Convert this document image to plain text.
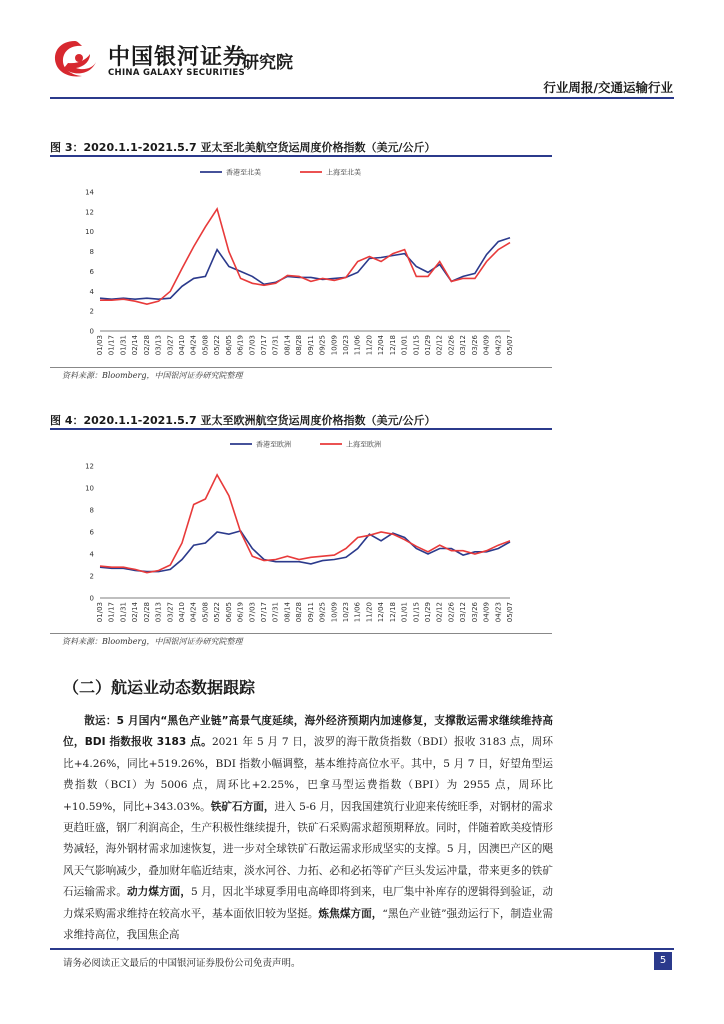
中国银河证券
CHINA GALAXY SECURITIES
研究院
行业周报/交通运输行业
图 3：2020.1.1-2021.5.7 亚太至北美航空货运周度价格指数（美元/公斤）
0
2
4
6
8
10
12
14
01/03 01/17 01/31 02/14 02/28 03/13 03/27 04/10 04/24 05/08 05/22 06/05 06/19 07/03 07/17 07/31 08/14 08/28 09/11 09/25 10/09 10/23 11/06 11/20 12/04 12/18 01/01 01/15 01/29 02/12 02/26 03/12 03/26 04/09 04/23 05/07
香港至北美	上海至北美
资料来源：Bloomberg，中国银河证券研究院整理
图 4：2020.1.1-2021.5.7 亚太至欧洲航空货运周度价格指数（美元/公斤）
0
2
4
6
8
10
12
01/03 01/17 01/31 02/14 02/28 03/13 03/27 04/10 04/24 05/08 05/22 06/05 06/19 07/03 07/17 07/31 08/14 08/28 09/11 09/25 10/09 10/23 11/06 11/20 12/04 12/18 01/01 01/15 01/29 02/12 02/26 03/12 03/26 04/09 04/23 05/07
香港至欧洲	上海至欧洲
资料来源：Bloomberg，中国银河证券研究院整理
（二）航运业动态数据跟踪
散运：5 月国内“黑色产业链”高景气度延续，海外经济预期内加速修复，支撑散运需求继续维持高位，BDI 指数报收 3183 点。2021 年 5 月 7 日，波罗的海干散货指数（BDI）报收 3183 点，周环比+4.26%，同比+519.26%，BDI 指数小幅调整，基本维持高位水平。其中，5 月 7 日，好望角型运费指数（BCI）为 5006 点，周环比+2.25%，巴拿马型运费指数（BPI）为 2955 点，周环比+10.59%，同比+343.03%。铁矿石方面，进入 5-6 月，因我国建筑行业迎来传统旺季，对钢材的需求更趋旺盛，钢厂利润高企，生产积极性继续提升，铁矿石采购需求超预期释放。同时，伴随着欧美疫情形势减轻，海外钢材需求加速恢复，进一步对全球铁矿石散运需求形成坚实的支撑。5 月，因澳巴产区的飓风天气影响减少，叠加财年临近结束，淡水河谷、力拓、必和必拓等矿产巨头发运冲量，带来更多的铁矿石运输需求。动力煤方面，5 月，因北半球夏季用电高峰即将到来，电厂集中补库存的逻辑得到验证，动力煤采购需求维持在较高水平，基本面依旧较为坚挺。炼焦煤方面，“黑色产业链”强劲运行下，制造业需求维持高位，我国焦企高
请务必阅读正文最后的中国银河证券股份公司免责声明。	5
